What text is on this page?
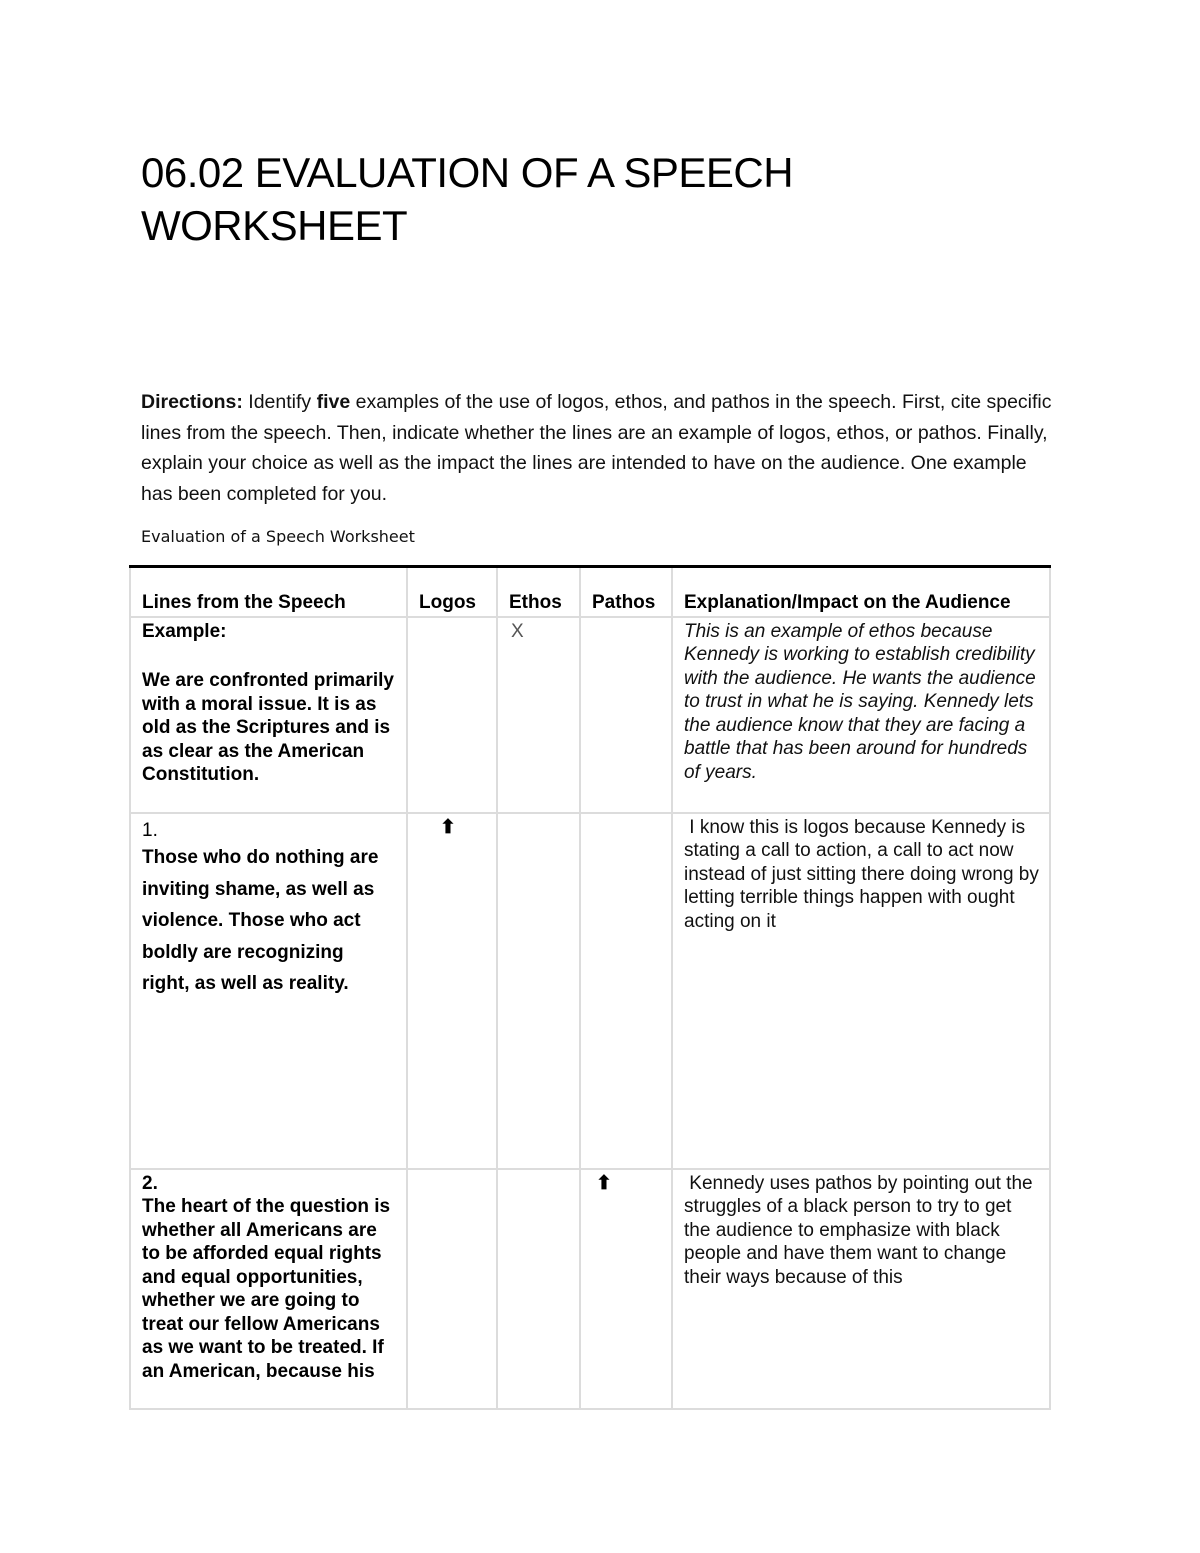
06.02 EVALUATION OF A SPEECH WORKSHEET

Directions: Identify five examples of the use of logos, ethos, and pathos in the speech. First, cite specific lines from the speech. Then, indicate whether the lines are an example of logos, ethos, or pathos. Finally, explain your choice as well as the impact the lines are intended to have on the audience. One example has been completed for you.

Evaluation of a Speech Worksheet
Lines from the Speech	Logos	Ethos	Pathos	Explanation/Impact on the Audience

Example:
We are confronted primarily with a moral issue. It is as old as the Scriptures and is as clear as the American Constitution.		X		This is an example of ethos because Kennedy is working to establish credibility with the audience. He wants the audience to trust in what he is saying. Kennedy lets the audience know that they are facing a battle that has been around for hundreds of years.

1.
Those who do nothing are inviting shame, as well as violence. Those who act boldly are recognizing right, as well as reality.	⬆			I know this is logos because Kennedy is stating a call to action, a call to act now instead of just sitting there doing wrong by letting terrible things happen with ought acting on it

2.
The heart of the question is whether all Americans are to be afforded equal rights and equal opportunities, whether we are going to treat our fellow Americans as we want to be treated. If an American, because his			⬆	Kennedy uses pathos by pointing out the struggles of a black person to try to get the audience to emphasize with black people and have them want to change their ways because of this
